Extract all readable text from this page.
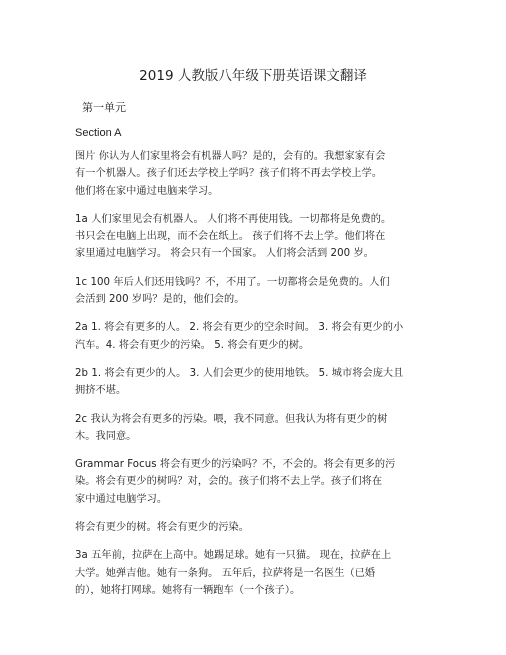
2019 人教版八年级下册英语课文翻译
第一单元
Section A

图片 你认为人们家里将会有机器人吗？是的，会有的。我想家家有会
有一个机器人。孩子们还去学校上学吗？孩子们将不再去学校上学。
他们将在家中通过电脑来学习。

1a 人们家里见会有机器人。 人们将不再使用钱。一切都将是免费的。
书只会在电脑上出现，而不会在纸上。 孩子们将不去上学。他们将在
家里通过电脑学习。 将会只有一个国家。 人们将会活到 200 岁。

1c 100 年后人们还用钱吗？不，不用了。一切都将会是免费的。人们
会活到 200 岁吗？是的，他们会的。

2a 1. 将会有更多的人。 2. 将会有更少的空余时间。 3. 将会有更少的小
汽车。4. 将会有更少的污染。 5. 将会有更少的树。

2b 1. 将会有更少的人。 3. 人们会更少的使用地铁。 5. 城市将会庞大且
拥挤不堪。

2c 我认为将会有更多的污染。喂，我不同意。但我认为将有更少的树
木。我同意。

Grammar Focus 将会有更少的污染吗？不，不会的。将会有更多的污
染。将会有更少的树吗？对，会的。孩子们将不去上学。孩子们将在
家中通过电脑学习。

将会有更少的树。将会有更少的污染。

3a 五年前，拉萨在上高中。她踢足球。她有一只猫。 现在，拉萨在上
大学。她弹吉他。她有一条狗。 五年后，拉萨将是一名医生（已婚
的），她将打网球。她将有一辆跑车（一个孩子）。
